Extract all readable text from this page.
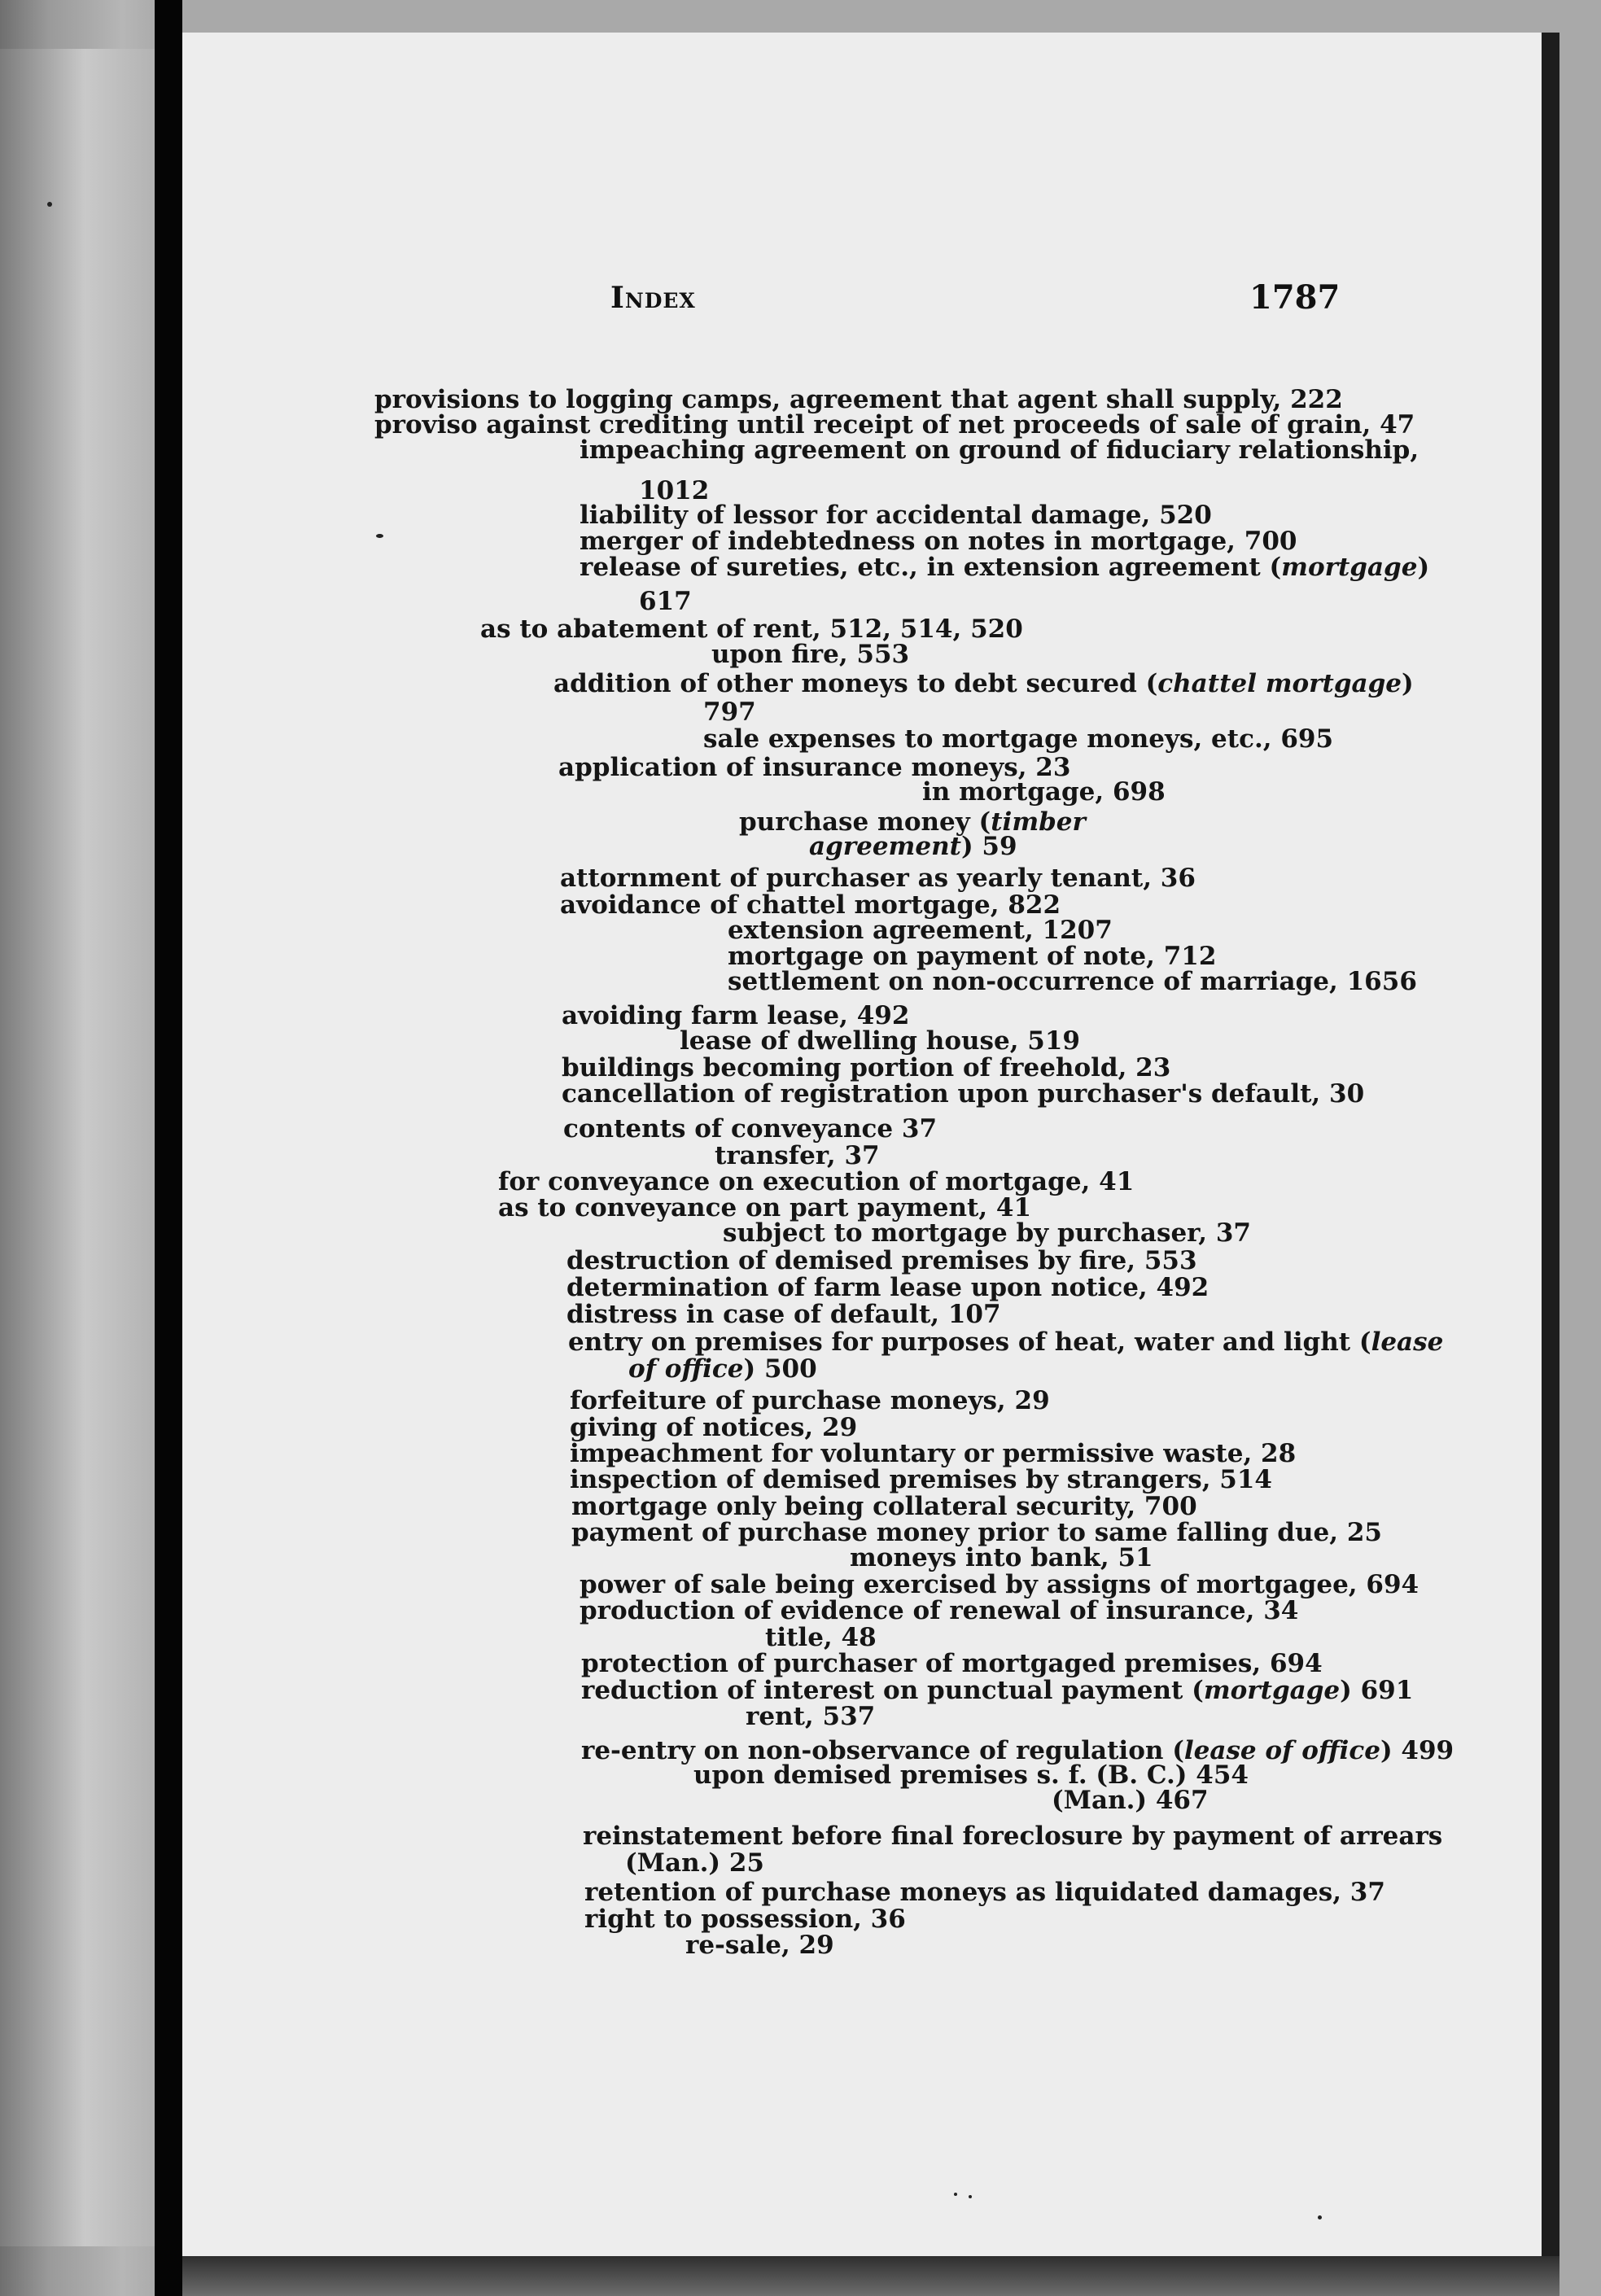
Index	1787
provisions to logging camps, agreement that agent shall supply, 222
proviso against crediting until receipt of net proceeds of sale of grain, 47
impeaching agreement on ground of fiduciary relationship,
1012
liability of lessor for accidental damage, 520
merger of indebtedness on notes in mortgage, 700
release of sureties, etc., in extension agreement (mortgage)
617
as to abatement of rent, 512, 514, 520
upon fire, 553
addition of other moneys to debt secured (chattel mortgage)
797
sale expenses to mortgage moneys, etc., 695
application of insurance moneys, 23
in mortgage, 698
purchase money (timber
agreement) 59
attornment of purchaser as yearly tenant, 36
avoidance of chattel mortgage, 822
extension agreement, 1207
mortgage on payment of note, 712
settlement on non-occurrence of marriage, 1656
avoiding farm lease, 492
lease of dwelling house, 519
buildings becoming portion of freehold, 23
cancellation of registration upon purchaser's default, 30
contents of conveyance 37
transfer, 37
for conveyance on execution of mortgage, 41
as to conveyance on part payment, 41
subject to mortgage by purchaser, 37
destruction of demised premises by fire, 553
determination of farm lease upon notice, 492
distress in case of default, 107
entry on premises for purposes of heat, water and light (lease
of office) 500
forfeiture of purchase moneys, 29
giving of notices, 29
impeachment for voluntary or permissive waste, 28
inspection of demised premises by strangers, 514
mortgage only being collateral security, 700
payment of purchase money prior to same falling due, 25
moneys into bank, 51
power of sale being exercised by assigns of mortgagee, 694
production of evidence of renewal of insurance, 34
title, 48
protection of purchaser of mortgaged premises, 694
reduction of interest on punctual payment (mortgage) 691
rent, 537
re-entry on non-observance of regulation (lease of office) 499
upon demised premises s. f. (B. C.) 454
(Man.) 467
reinstatement before final foreclosure by payment of arrears
(Man.) 25
retention of purchase moneys as liquidated damages, 37
right to possession, 36
re-sale, 29
